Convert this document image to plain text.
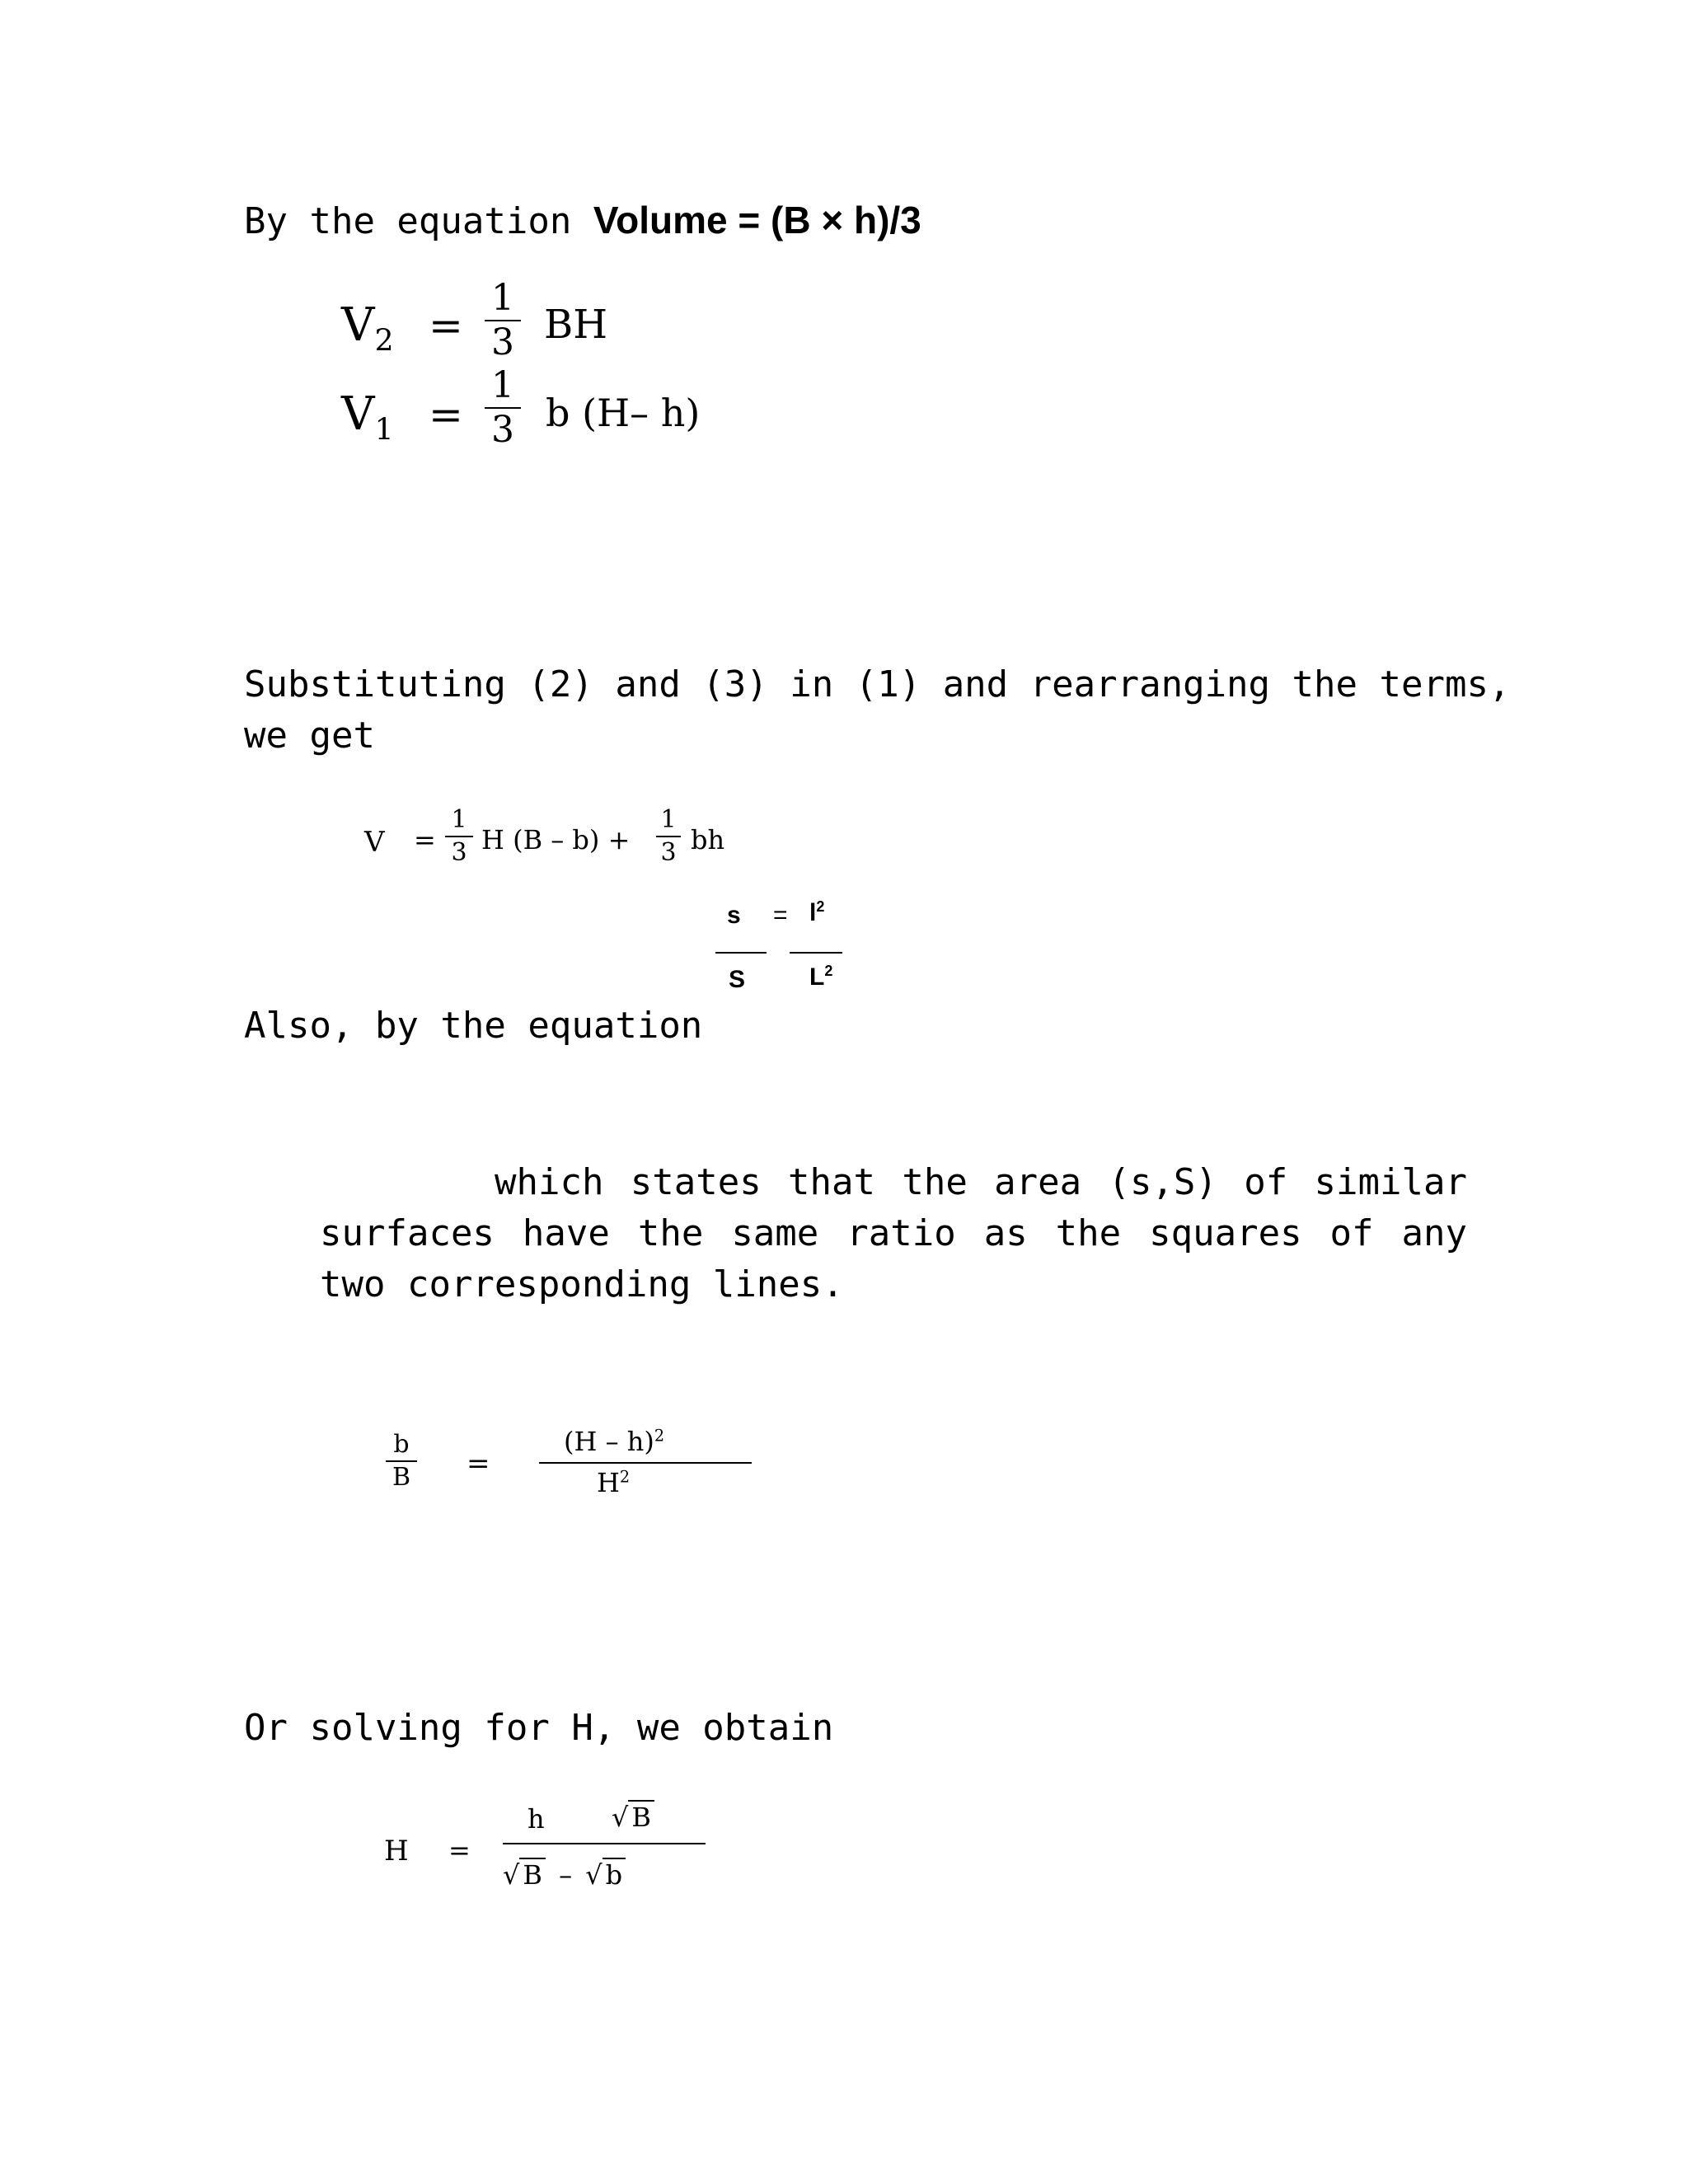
By the equation Volume = (B × h)/3
$V_2$ =
1
3 BH
$V_1$ =
1
3 b (H– h)
Substituting (2) and (3) in (1) and rearranging the terms,
we get
V =
1
3 H (B – b) +
1
3 bh
$s = l^2$
S	$L^2$
Also, by the equation
which states that the area (s,S) of similar
surfaces have the same ratio as the squares of any
two corresponding lines.
b
B =
(H – h)$^2$
$H^2$
Or solving for H, we obtain
H =
h	√ B
√ B – √ b
